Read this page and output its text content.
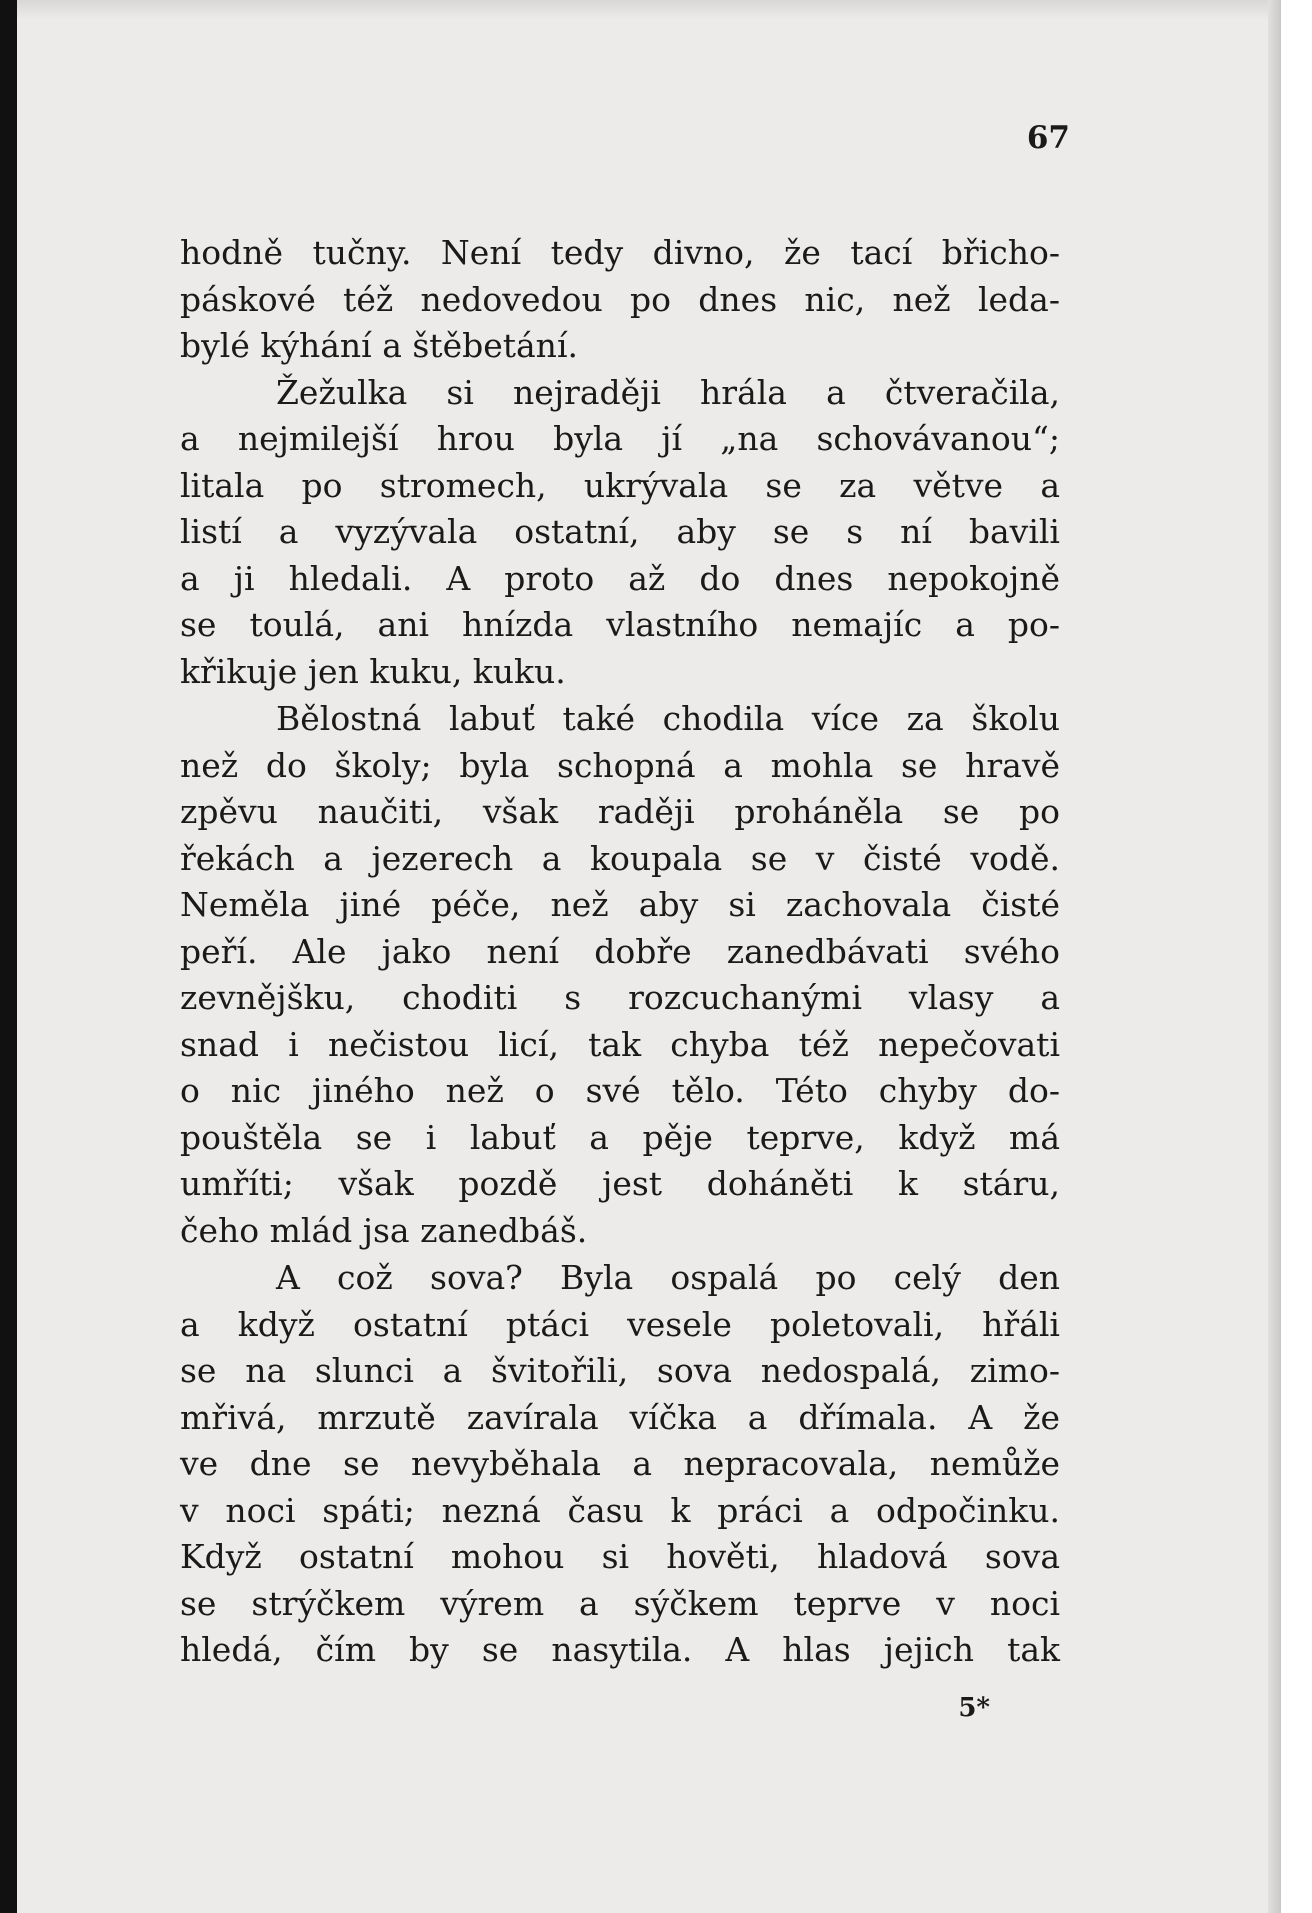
67
hodně tučny. Není tedy divno, že tací břicho-
páskové též nedovedou po dnes nic, než leda-
bylé kýhání a štěbetání.
Žežulka si nejraději hrála a čtveračila,
a nejmilejší hrou byla jí „na schovávanou“;
litala po stromech, ukrývala se za větve a
listí a vyzývala ostatní, aby se s ní bavili
a ji hledali. A proto až do dnes nepokojně
se toulá, ani hnízda vlastního nemajíc a po-
křikuje jen kuku, kuku.
Bělostná labuť také chodila více za školu
než do školy; byla schopná a mohla se hravě
zpěvu naučiti, však raději proháněla se po
řekách a jezerech a koupala se v čisté vodě.
Neměla jiné péče, než aby si zachovala čisté
peří. Ale jako není dobře zanedbávati svého
zevnějšku, choditi s rozcuchanými vlasy a
snad i nečistou licí, tak chyba též nepečovati
o nic jiného než o své tělo. Této chyby do-
pouštěla se i labuť a pěje teprve, když má
umříti; však pozdě jest doháněti k stáru,
čeho mlád jsa zanedbáš.
A což sova? Byla ospalá po celý den
a když ostatní ptáci vesele poletovali, hřáli
se na slunci a švitořili, sova nedospalá, zimo-
mřivá, mrzutě zavírala víčka a dřímala. A že
ve dne se nevyběhala a nepracovala, nemůže
v noci spáti; nezná času k práci a odpočinku.
Když ostatní mohou si hověti, hladová sova
se strýčkem výrem a sýčkem teprve v noci
hledá, čím by se nasytila. A hlas jejich tak
5*
